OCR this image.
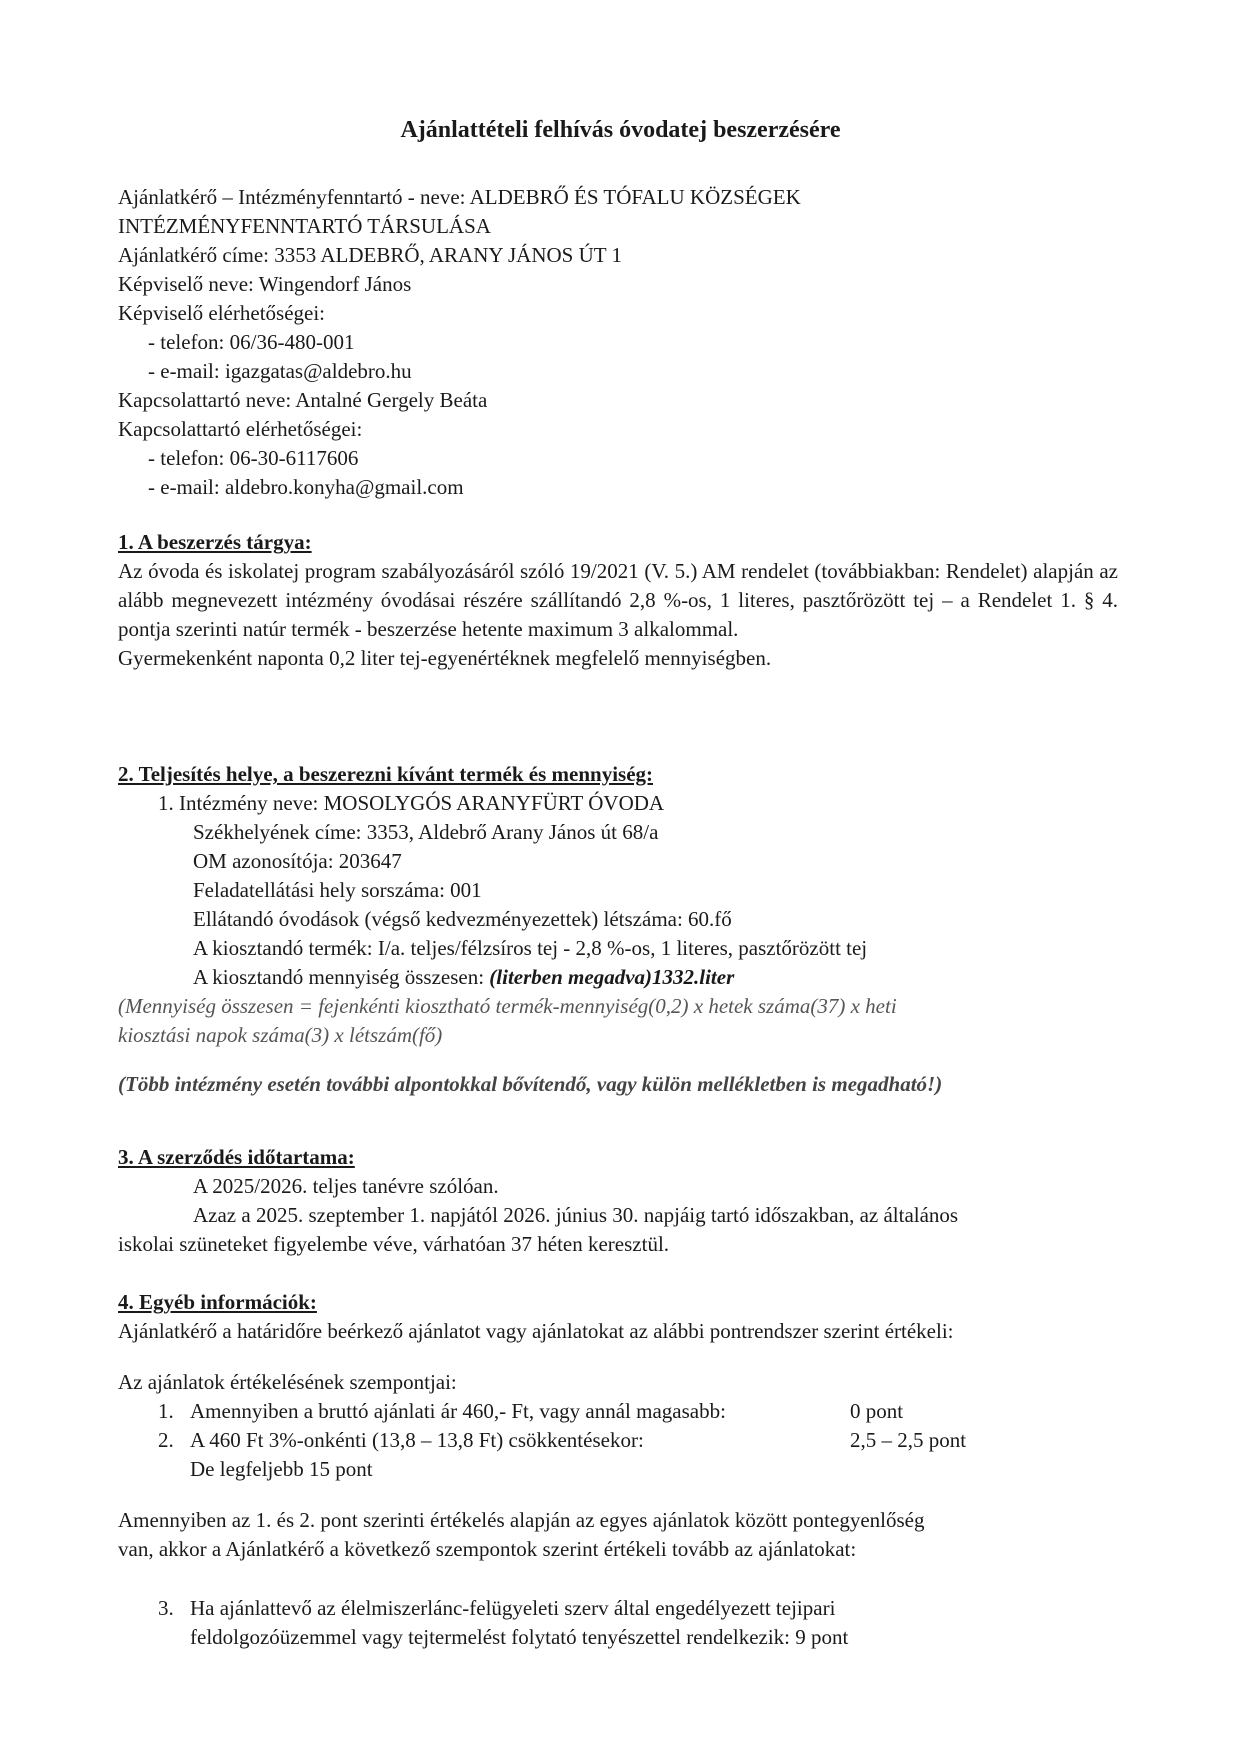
Ajánlattételi felhívás óvodatej beszerzésére
Ajánlatkérő – Intézményfenntartó - neve: ALDEBRŐ ÉS TÓFALU KÖZSÉGEK
INTÉZMÉNYFENNTARTÓ TÁRSULÁSA
Ajánlatkérő címe: 3353 ALDEBRŐ, ARANY JÁNOS ÚT 1
Képviselő neve: Wingendorf János
Képviselő elérhetőségei:
- telefon: 06/36-480-001
- e-mail: igazgatas@aldebro.hu
Kapcsolattartó neve: Antalné Gergely Beáta
Kapcsolattartó elérhetőségei:
- telefon: 06-30-6117606
- e-mail: aldebro.konyha@gmail.com
1. A beszerzés tárgya:
Az óvoda és iskolatej program szabályozásáról szóló 19/2021 (V. 5.) AM rendelet (továbbiakban: Rendelet) alapján az alább megnevezett intézmény óvodásai részére szállítandó 2,8 %-os, 1 literes, pasztőrözött tej – a Rendelet 1. § 4. pontja szerinti natúr termék - beszerzése hetente maximum 3 alkalommal.
Gyermekenként naponta 0,2 liter tej-egyenértéknek megfelelő mennyiségben.
2. Teljesítés helye, a beszerezni kívánt termék és mennyiség:
1. Intézmény neve: MOSOLYGÓS ARANYFÜRT ÓVODA
Székhelyének címe: 3353, Aldebrő Arany János út 68/a
OM azonosítója: 203647
Feladatellátási hely sorszáma: 001
Ellátandó óvodások (végső kedvezményezettek) létszáma: 60.fő
A kiosztandó termék: I/a. teljes/félzsíros tej - 2,8 %-os, 1 literes, pasztőrözött tej
A kiosztandó mennyiség összesen: (literben megadva)1332.liter
(Mennyiség összesen = fejenkénti kiosztható termék-mennyiség(0,2) x hetek száma(37) x heti
kiosztási napok száma(3) x létszám(fő)
(Több intézmény esetén további alpontokkal bővítendő, vagy külön mellékletben is megadható!)
3. A szerződés időtartama:
A 2025/2026. teljes tanévre szólóan.
Azaz a 2025. szeptember 1. napjától 2026. június 30. napjáig tartó időszakban, az általános
iskolai szüneteket figyelembe véve, várhatóan 37 héten keresztül.
4. Egyéb információk:
Ajánlatkérő a határidőre beérkező ajánlatot vagy ajánlatokat az alábbi pontrendszer szerint értékeli:
Az ajánlatok értékelésének szempontjai:
1. Amennyiben a bruttó ajánlati ár 460,- Ft, vagy annál magasabb:	0 pont
2. A 460 Ft 3%-onkénti (13,8 – 13,8 Ft) csökkentésekor:	2,5 – 2,5 pont
De legfeljebb 15 pont
Amennyiben az 1. és 2. pont szerinti értékelés alapján az egyes ajánlatok között pontegyenlőség
van, akkor a Ajánlatkérő a következő szempontok szerint értékeli tovább az ajánlatokat:
3. Ha ajánlattevő az élelmiszerlánc-felügyeleti szerv által engedélyezett tejipari
feldolgozóüzemmel vagy tejtermelést folytató tenyészettel rendelkezik: 9 pont
